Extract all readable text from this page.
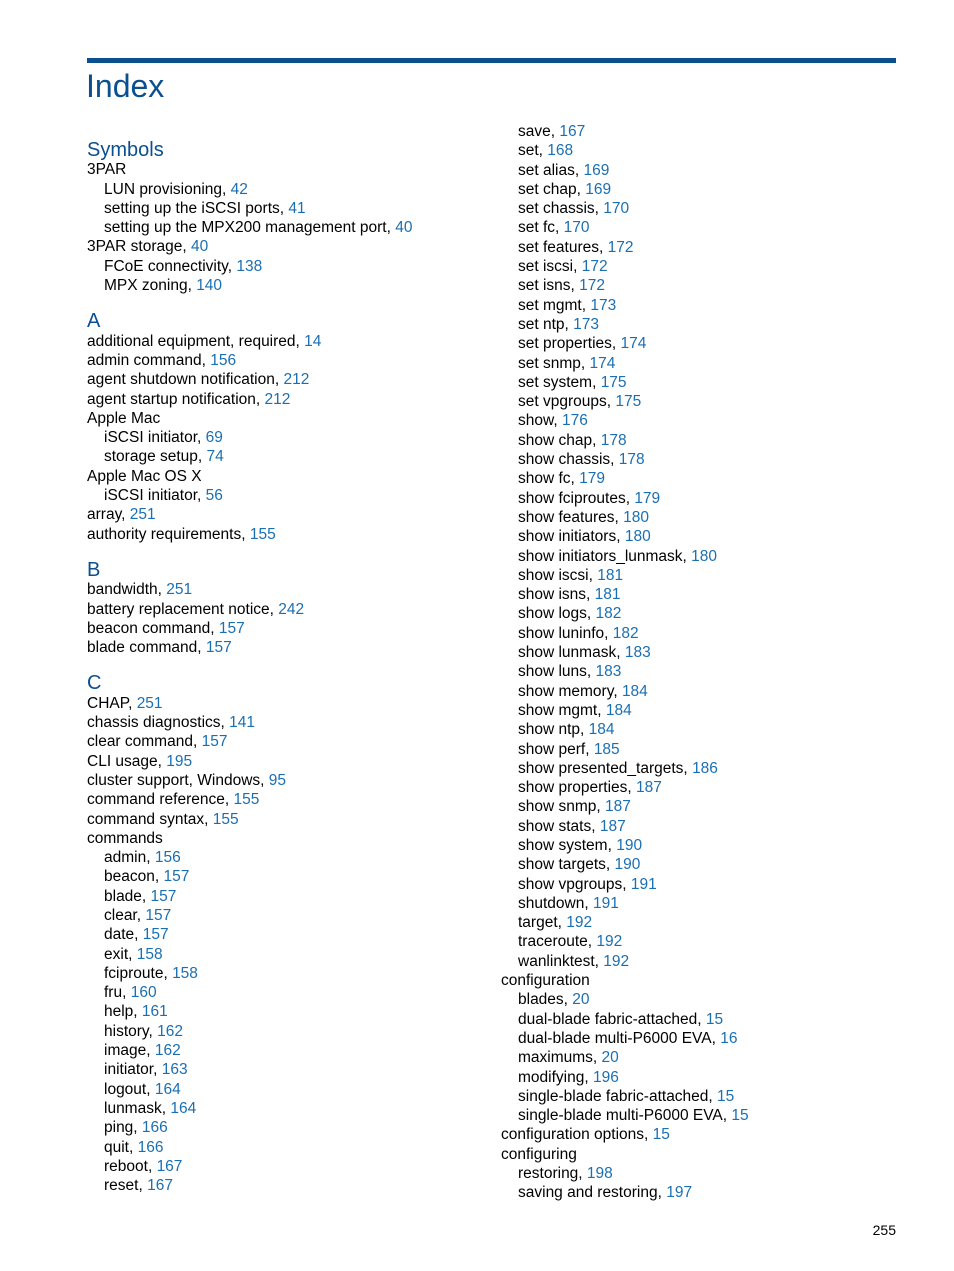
Index
Symbols
3PAR
LUN provisioning, 42
setting up the iSCSI ports, 41
setting up the MPX200 management port, 40
3PAR storage, 40
FCoE connectivity, 138
MPX zoning, 140
A
additional equipment, required, 14
admin command, 156
agent shutdown notification, 212
agent startup notification, 212
Apple Mac
iSCSI initiator, 69
storage setup, 74
Apple Mac OS X
iSCSI initiator, 56
array, 251
authority requirements, 155
B
bandwidth, 251
battery replacement notice, 242
beacon command, 157
blade command, 157
C
CHAP, 251
chassis diagnostics, 141
clear command, 157
CLI usage, 195
cluster support, Windows, 95
command reference, 155
command syntax, 155
commands
admin, 156
beacon, 157
blade, 157
clear, 157
date, 157
exit, 158
fciproute, 158
fru, 160
help, 161
history, 162
image, 162
initiator, 163
logout, 164
lunmask, 164
ping, 166
quit, 166
reboot, 167
reset, 167
save, 167
set, 168
set alias, 169
set chap, 169
set chassis, 170
set fc, 170
set features, 172
set iscsi, 172
set isns, 172
set mgmt, 173
set ntp, 173
set properties, 174
set snmp, 174
set system, 175
set vpgroups, 175
show, 176
show chap, 178
show chassis, 178
show fc, 179
show fciproutes, 179
show features, 180
show initiators, 180
show initiators_lunmask, 180
show iscsi, 181
show isns, 181
show logs, 182
show luninfo, 182
show lunmask, 183
show luns, 183
show memory, 184
show mgmt, 184
show ntp, 184
show perf, 185
show presented_targets, 186
show properties, 187
show snmp, 187
show stats, 187
show system, 190
show targets, 190
show vpgroups, 191
shutdown, 191
target, 192
traceroute, 192
wanlinktest, 192
configuration
blades, 20
dual-blade fabric-attached, 15
dual-blade multi-P6000 EVA, 16
maximums, 20
modifying, 196
single-blade fabric-attached, 15
single-blade multi-P6000 EVA, 15
configuration options, 15
configuring
restoring, 198
saving and restoring, 197
255
